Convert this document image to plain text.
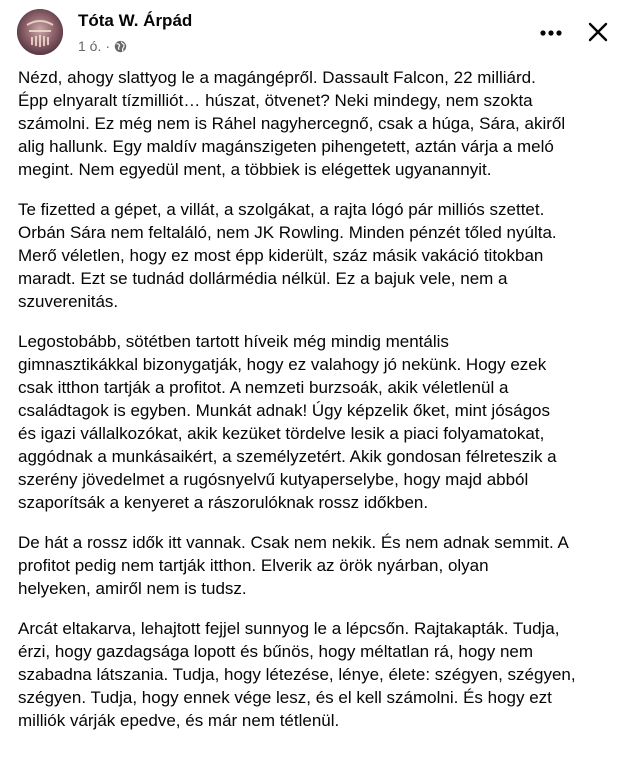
Tóta W. Árpád
1 ó. ·

Nézd, ahogy slattyog le a magángépről. Dassault Falcon, 22 milliárd.
Épp elnyaralt tízmilliót… húszat, ötvenet? Neki mindegy, nem szokta
számolni. Ez még nem is Ráhel nagyhercegnő, csak a húga, Sára, akiről
alig hallunk. Egy maldív magánszigeten pihengetett, aztán várja a meló
megint. Nem egyedül ment, a többiek is elégettek ugyanannyit.

Te fizetted a gépet, a villát, a szolgákat, a rajta lógó pár milliós szettet.
Orbán Sára nem feltaláló, nem JK Rowling. Minden pénzét tőled nyúlta.
Merő véletlen, hogy ez most épp kiderült, száz másik vakáció titokban
maradt. Ezt se tudnád dollármédia nélkül. Ez a bajuk vele, nem a
szuverenitás.

Legostobább, sötétben tartott híveik még mindig mentális
gimnasztikákkal bizonygatják, hogy ez valahogy jó nekünk. Hogy ezek
csak itthon tartják a profitot. A nemzeti burzsoák, akik véletlenül a
családtagok is egyben. Munkát adnak! Úgy képzelik őket, mint jóságos
és igazi vállalkozókat, akik kezüket tördelve lesik a piaci folyamatokat,
aggódnak a munkásaikért, a személyzetért. Akik gondosan félreteszik a
szerény jövedelmet a rugósnyelvű kutyaperselybe, hogy majd abból
szaporítsák a kenyeret a rászorulóknak rossz időkben.

De hát a rossz idők itt vannak. Csak nem nekik. És nem adnak semmit. A
profitot pedig nem tartják itthon. Elverik az örök nyárban, olyan
helyeken, amiről nem is tudsz.

Arcát eltakarva, lehajtott fejjel sunnyog le a lépcsőn. Rajtakapták. Tudja,
érzi, hogy gazdagsága lopott és bűnös, hogy méltatlan rá, hogy nem
szabadna látszania. Tudja, hogy létezése, lénye, élete: szégyen, szégyen,
szégyen. Tudja, hogy ennek vége lesz, és el kell számolni. És hogy ezt
milliók várják epedve, és már nem tétlenül.
